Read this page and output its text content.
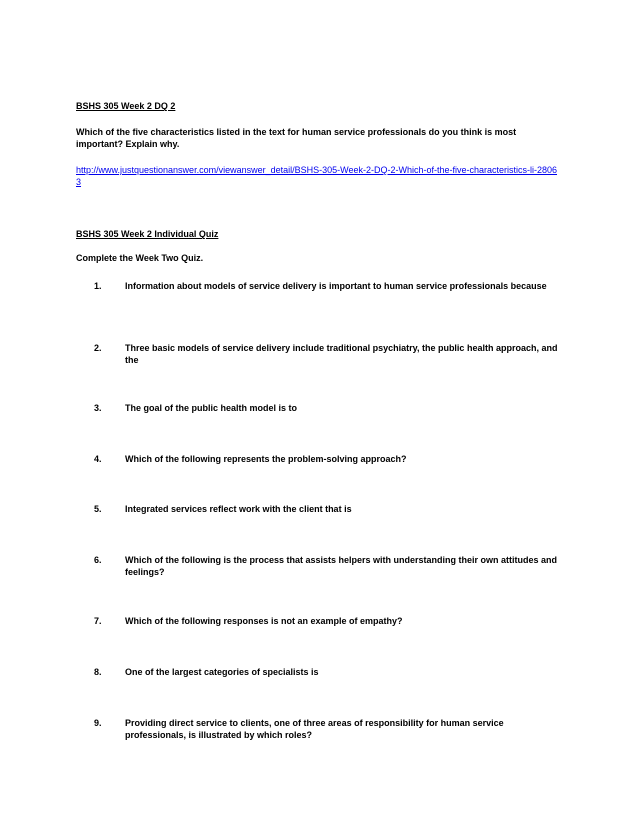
BSHS 305 Week 2 DQ 2
Which of the five characteristics listed in the text for human service professionals do you think is most important? Explain why.
http://www.justquestionanswer.com/viewanswer_detail/BSHS-305-Week-2-DQ-2-Which-of-the-five-characteristics-li-28063
BSHS 305 Week 2 Individual Quiz
Complete the Week Two Quiz.
1.	Information about models of service delivery is important to human service professionals because
2.	Three basic models of service delivery include traditional psychiatry, the public health approach, and the
3.	The goal of the public health model is to
4.	Which of the following represents the problem-solving approach?
5.	Integrated services reflect work with the client that is
6.	Which of the following is the process that assists helpers with understanding their own attitudes and feelings?
7.	Which of the following responses is not an example of empathy?
8.	One of the largest categories of specialists is
9.	Providing direct service to clients, one of three areas of responsibility for human service professionals, is illustrated by which roles?
